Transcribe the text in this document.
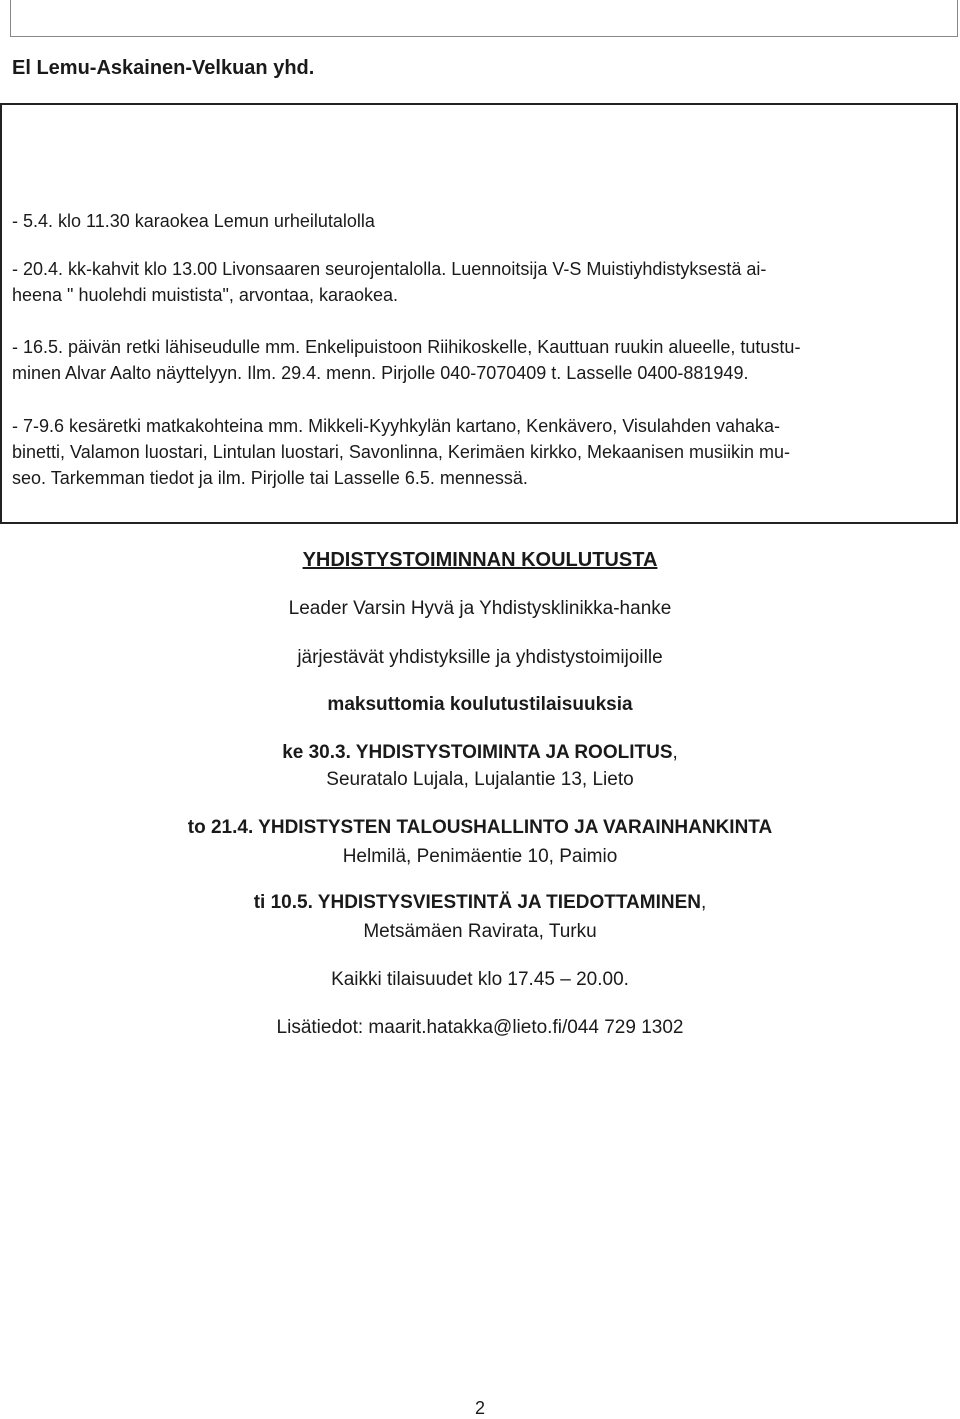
El Lemu-Askainen-Velkuan yhd.
- 5.4. klo 11.30 karaokea Lemun urheilutalolla
- 20.4. kk-kahvit klo 13.00 Livonsaaren seurojentalolla. Luennoitsija V-S Muistiyhdistyksestä ai-
heena " huolehdi muistista", arvontaa, karaokea.
- 16.5. päivän retki lähiseudulle mm. Enkelipuistoon Riihikoskelle, Kauttuan ruukin alueelle, tutustu-
minen Alvar Aalto näyttelyyn. Ilm. 29.4. menn. Pirjolle 040-7070409 t. Lasselle 0400-881949.
- 7-9.6 kesäretki matkakohteina mm. Mikkeli-Kyyhkylän kartano, Kenkävero, Visulahden vahaka-
binetti, Valamon luostari, Lintulan luostari, Savonlinna, Kerimäen kirkko, Mekaanisen musiikin mu-
seo. Tarkemman tiedot ja ilm. Pirjolle tai Lasselle 6.5. mennessä.
YHDISTYSTOIMINNAN KOULUTUSTA
Leader Varsin Hyvä ja Yhdistysklinikka-hanke
järjestävät yhdistyksille ja yhdistystoimijoille
maksuttomia koulutustilaisuuksia
ke 30.3. YHDISTYSTOIMINTA JA ROOLITUS,
Seuratalo Lujala, Lujalantie 13, Lieto
to 21.4. YHDISTYSTEN TALOUSHALLINTO JA VARAINHANKINTA
Helmilä, Penimäentie 10, Paimio
ti 10.5. YHDISTYSVIESTINTÄ JA TIEDOTTAMINEN,
Metsämäen Ravirata, Turku
Kaikki tilaisuudet klo 17.45 – 20.00.
Lisätiedot: maarit.hatakka@lieto.fi/044 729 1302
2
